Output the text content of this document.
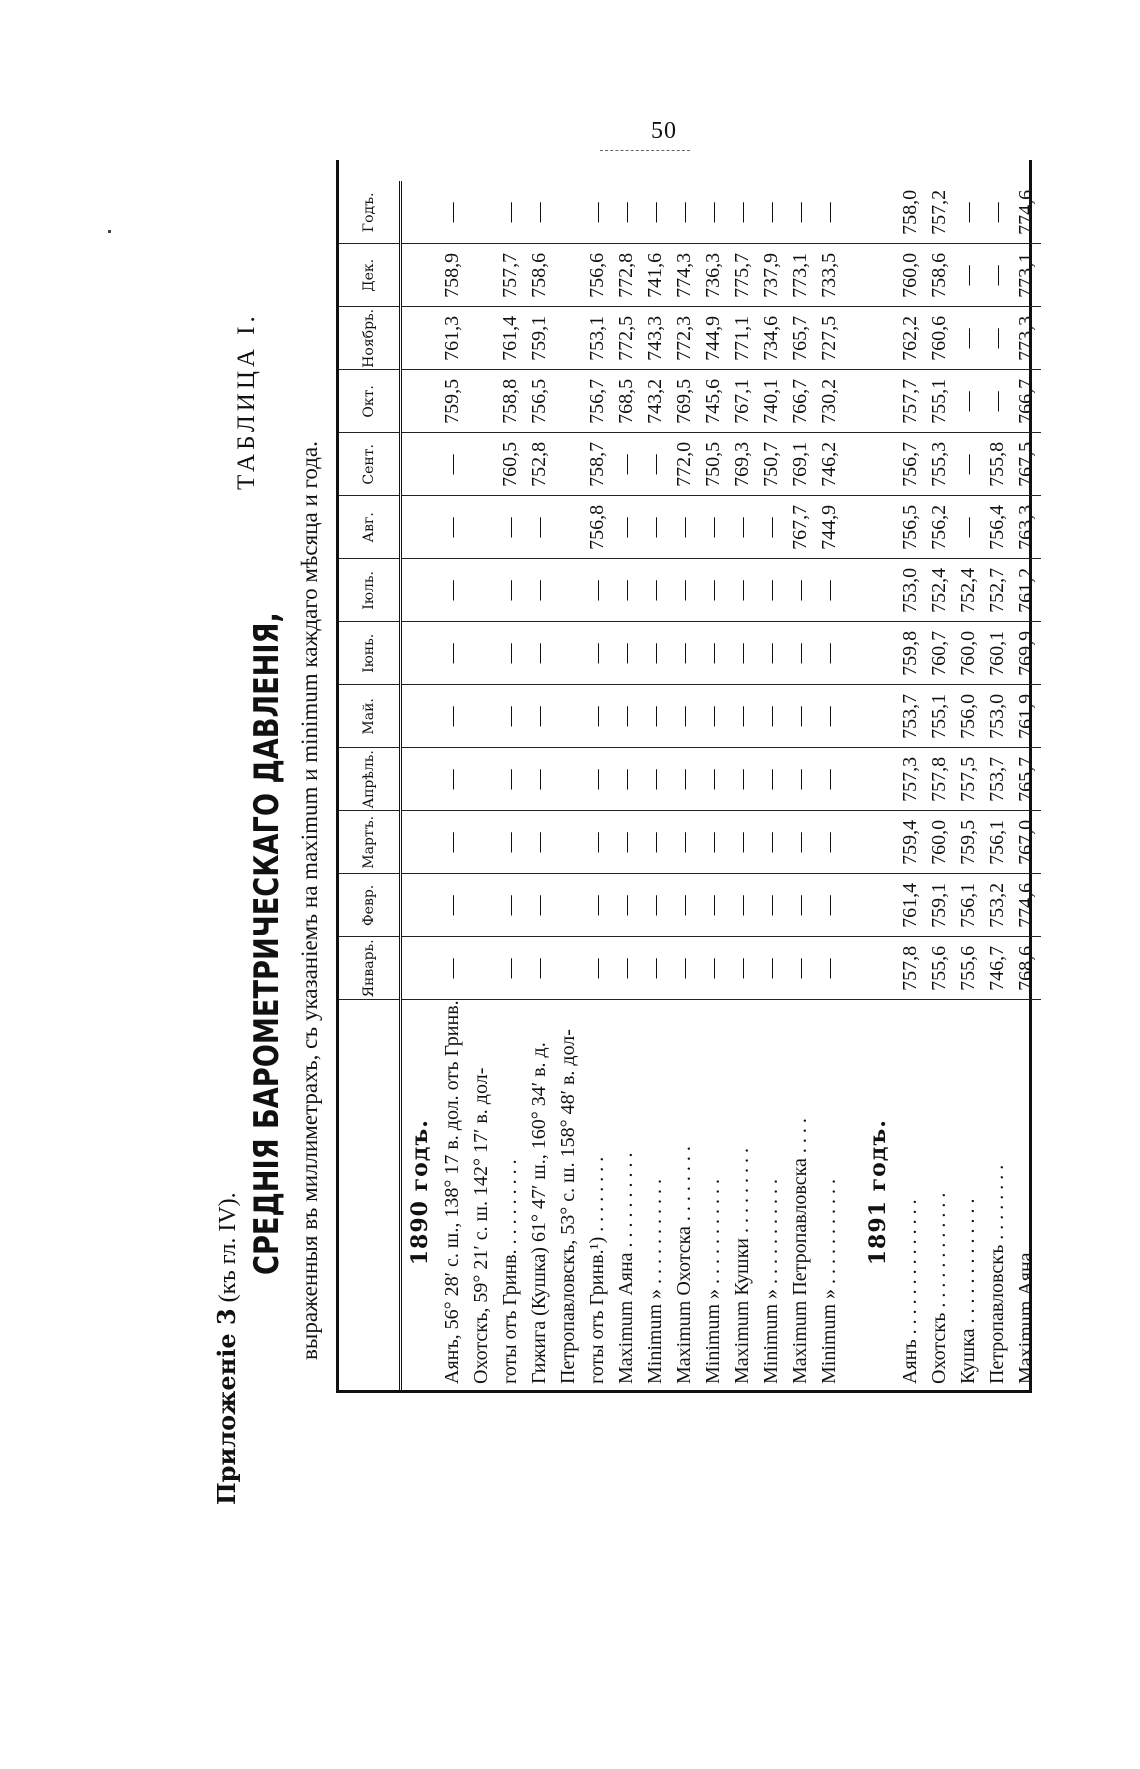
50
Приложеніе 3 (къ гл. IV).
ТАБЛИЦА I.
СРЕДНІЯ БАРОМЕТРИЧЕСКАГО ДАВЛЕНІЯ, выраженныя въ миллиметрахъ, съ указаніемъ на maximum и minimum каждаго мѣсяца и года.
		Январь.	Февр.	Мартъ.	Апрѣль.	Май.	Іюнь.	Іюль.	Авг.	Сент.	Окт.	Ноябрь.	Дек.	Годъ.
1890 годъ.													
Аянъ, 56° 28′ с. ш., 138° 17 в. дол. отъ Гринв.	—	—	—	—	—	—	—	—	—	759,5	761,3	758,9	—
Охотскъ, 59° 21′ с. ш. 142° 17′ в. дол-													
готы отъ Гринв. . . . . . . . . .	—	—	—	—	—	—	—	—	760,5	758,8	761,4	757,7	—
Гижига (Кушка) 61° 47′ ш., 160° 34′ в. д.	—	—	—	—	—	—	—	—	752,8	756,5	759,1	758,6	—
Петропавловскъ, 53° с. ш. 158° 48′ в. дол-													
готы отъ Гринв.¹) . . . . . . . .	—	—	—	—	—	—	—	756,8	758,7	756,7	753,1	756,6	—
Maximum Аяна . . . . . . . . . .	—	—	—	—	—	—	—	—	—	768,5	772,5	772,8	—
Minimum » . . . . . . . . . . .	—	—	—	—	—	—	—	—	—	743,2	743,3	741,6	—
Maximum Охотска . . . . . . . .	—	—	—	—	—	—	—	—	772,0	769,5	772,3	774,3	—
Minimum » . . . . . . . . . . .	—	—	—	—	—	—	—	—	750,5	745,6	744,9	736,3	—
Maximum Кушки . . . . . . . . .	—	—	—	—	—	—	—	—	769,3	767,1	771,1	775,7	—
Minimum » . . . . . . . . . . .	—	—	—	—	—	—	—	—	750,7	740,1	734,6	737,9	—
Maximum Петропавловска . . . .	—	—	—	—	—	—	—	767,7	769,1	766,7	765,7	773,1	—
Minimum » . . . . . . . . . . .	—	—	—	—	—	—	—	744,9	746,2	730,2	727,5	733,5	—

1891 годъ.													
Аянъ . . . . . . . . . . . . . .	757,8	761,4	759,4	757,3	753,7	759,8	753,0	756,5	756,7	757,7	762,2	760,0	758,0
Охотскъ . . . . . . . . . . . .	755,6	759,1	760,0	757,8	755,1	760,7	752,4	756,2	755,3	755,1	760,6	758,6	757,2
Кушка . . . . . . . . . . . . .	755,6	756,1	759,5	757,5	756,0	760,0	752,4	—	—	—	—	—	—
Петропавловскъ . . . . . . . .	746,7	753,2	756,1	753,7	753,0	760,1	752,7	756,4	755,8	—	—	—	—
Maximum Аяна . . . . . . . . .	768,6	774,6	767,0	765,7	761,9	769,9	761,2	763,3	767,5	766,7	773,3	773,1	774,6
